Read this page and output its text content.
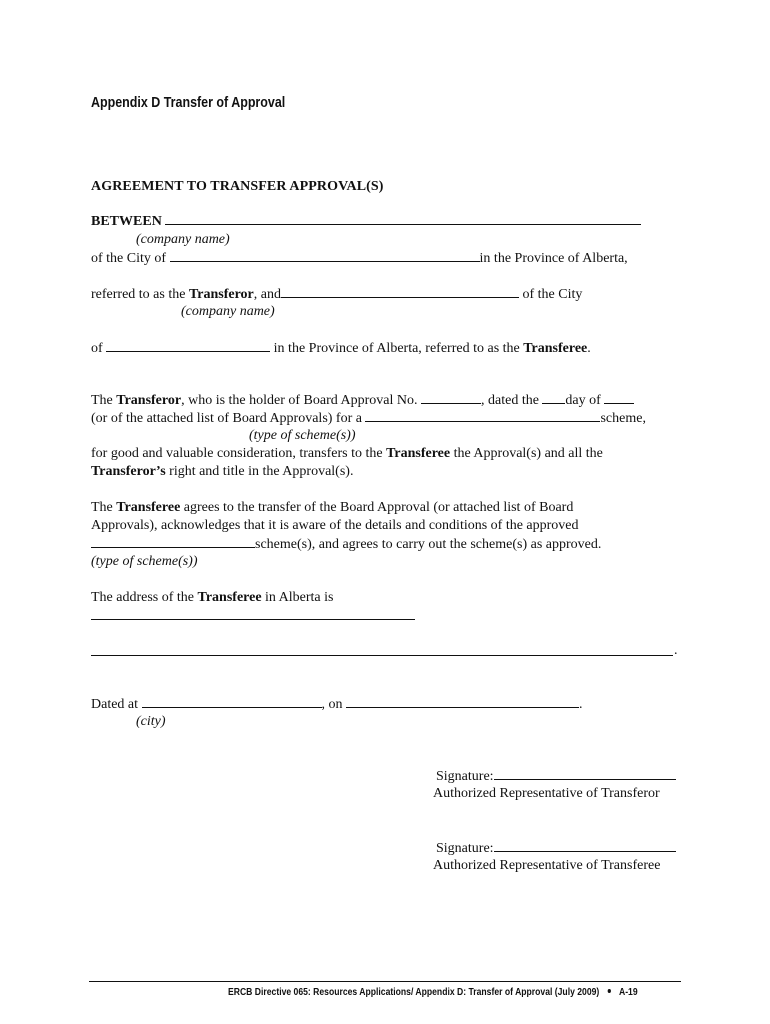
Appendix D Transfer of Approval
AGREEMENT TO TRANSFER APPROVAL(S)
BETWEEN
(company name)
of the City of	in the Province of Alberta,
referred to as the Transferor, and	of the City
(company name)
of	in the Province of Alberta, referred to as the Transferee.
The Transferor, who is the holder of Board Approval No.	, dated the day of
(or of the attached list of Board Approvals) for a	scheme,
(type of scheme(s))
for good and valuable consideration, transfers to the Transferee the Approval(s) and all the
Transferor’s right and title in the Approval(s).
The Transferee agrees to the transfer of the Board Approval (or attached list of Board
Approvals), acknowledges that it is aware of the details and conditions of the approved
scheme(s), and agrees to carry out the scheme(s) as approved.
(type of scheme(s))
The address of the Transferee in Alberta is
.
Dated at	, on	.
(city)
Signature:
Authorized Representative of Transferor
Signature:
Authorized Representative of Transferee
ERCB Directive 065: Resources Applications/ Appendix D: Transfer of Approval (July 2009) A-19
